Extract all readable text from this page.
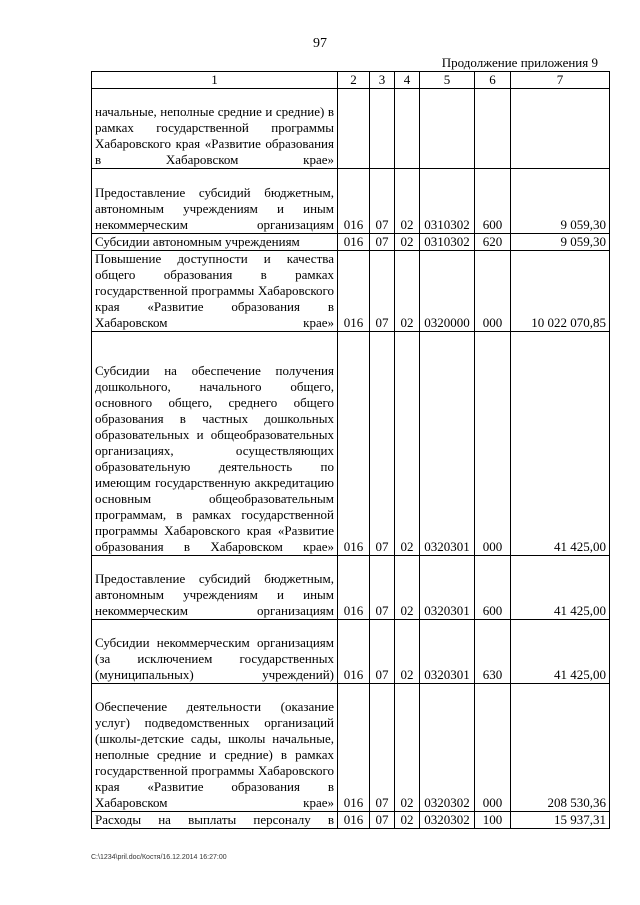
97
Продолжение приложения 9
1	2	3	4	5	6	7
начальные, неполные средние и средние) в рамках государственной программы Хабаровского края «Развитие образования в Хабаровском крае»						
Предоставление субсидий бюджетным, автономным учреждениям и иным некоммерческим организациям	016	07	02	0310302	600	9 059,30
Субсидии автономным учреждениям	016	07	02	0310302	620	9 059,30
Повышение доступности и качества общего образования в рамках государственной программы Хабаровского края «Развитие образования в Хабаровском крае»	016	07	02	0320000	000	10 022 070,85
Субсидии на обеспечение получения дошкольного, начального общего, основного общего, среднего общего образования в частных дошкольных образовательных и общеобразовательных организациях, осуществляющих образовательную деятельность по имеющим государственную аккредитацию основным общеобразовательным программам, в рамках государственной программы Хабаровского края «Развитие образования в Хабаровском крае»	016	07	02	0320301	000	41 425,00
Предоставление субсидий бюджетным, автономным учреждениям и иным некоммерческим организациям	016	07	02	0320301	600	41 425,00
Субсидии некоммерческим организациям (за исключением государственных (муниципальных) учреждений)	016	07	02	0320301	630	41 425,00
Обеспечение деятельности (оказание услуг) подведомственных организаций (школы-детские сады, школы начальные, неполные средние и средние) в рамках государственной программы Хабаровского края «Развитие образования в Хабаровском крае»	016	07	02	0320302	000	208 530,36
Расходы на выплаты персоналу в	016	07	02	0320302	100	15 937,31
C:\1234\pril.doc/Костя/16.12.2014 16:27:00
